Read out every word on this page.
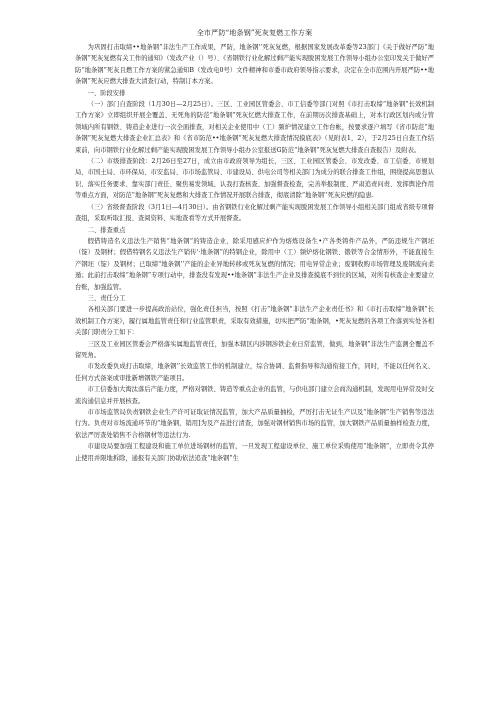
全市严防“地条钢”死灰复燃工作方案

为巩固打击取缔••地条钢”非法生产工作成果，严防，地条钢'’死灰复燃，根据国家发展改革委等23部门《关于做好严防“地条钢”死灰复燃有关工作的通知》（发改产业（）号）、《省钢铁行业化解过剩产能实现脱困发展工作领导小组办公室印发关于做好严防“地条钢”死灰且燃工作方案的紧急通知B（发改电0号）文件精神和市委市政府领导指示要求，决定在全市范围内开展严防••地条钢”死灰应燃大排查大清查行动，特制订本方案。

一、阶段安排

（一）部门自查阶段（1月30日—2月25日）。三区、工业园区管委会、市工信委等部门对照《市打击取缔“地条钢”长效机制工作方案》立即组织开展全覆盖、无死角的防范“地条钢”死灰忆燃大排查工作，在前期历次排查基础上，对本行政区划内或分管领域内所有钢铁、铸造企业进行一次全面排查，对相关企业使用中（工）频炉情况建立工作台帐，按要求逐户填写《省市防范“地条钢”死灰复燃大排查企业汇总表》和《省市防范••地条钢”死灰复燃大排查情况摸底表》（见附表1，2），于2月25日自查工作结束前，向市钢铁行业化解过剩产能实现脱困发展工作领导小组办公室报送G防范“地条钢”死灰复燃大排查自查报告）及附表。

（二）市级排查阶段：2月26日至27日，成立由市政府领导为组长，三区、工业园区管委会、市发改委、市工信委、市规划局、市国土局、市环保局、市安监局、市市场监管局、市建设局、供电公司等相关部门为成分的联合排查工作组，围绕提高思想认识、落实任务要求、靠实部门责任、聚焦易发领域、认我打查核查、加强督查检查，完善举报制度、严肃追责问责、发挥舆论作用等重点方面，对防范“地条钢”死灰复燃和大排查工作情况开展联合排查，彻底清除“地条钢'’死灰应燃的隐患.

（三）省级督查阶段（3月1日—4月30日）。由省钢铁行业化解过剩产能实现脱困发展工作领导小组相关部门组成省级专项督查组，采取听取汇报、查阅资料、实地查看等方式开展督查。

二、排查重点

假借铸造名义违法生产销售“地条钢”的铸造企业，除采用感应炉作为熔炼设备生•产各类铸件产品外，严防违规生产钢坯（锭）及钢材；假借特钢名义违法生产销传'·地条钢”的特钢企业，除用中（工）频炉熔化钢铁、锻铁等合金情形外，不能直接生产钢坯（锭）及钢材；已取缔"地条钢'’产能的企业异地转移或死灰复燃的情况；用电异常企业；废钢收购市场管理及废钢流向柔遁；此前打击取缔“地条钢”专项行动中，排查没有发现••地条钢”非法生产企业及排查摸底不到位的区域，对所有核查企业要建立台账，加强监管。

三、责任分工

各相关部门要进一步提高政治站位，强化责任担当，按照《打击“地条钢”非法生产企业责任书》和《市打击取缔“地条钢”长效机制工作方案》，履行属地监管责任和行业监管职责，采取有效措施，切实把严防“地条钢，•死灰复燃的各项工作落到实处各相关部门职责分工如下：

三区及工业园区管委会严格落实属地监管责任，加强本辖区内涉钢涉铁企业日常监管，做到，地条钢”非法生产监测全覆盖不留死角。

市发改委负成打击取缔，地条钢'’长效监管工作的机制建立，综合协调、监督指导和沟通衔接工作，同时，不能以任何名义、任何方式备案或审批新增钢铁产能项目。

市工信委加大淘汰落后产能力度，严格对钢铁、铸造等重点企业的监管，与供电部门建立会商沟通机制，发现用电异常及时交流沟通信息并开展核查。

市市场监管局负责钢铁企业生产许可证取证情况监管，加大产品质量抽检，严厉打击无证生产以及“地条钢”生产销售等违法行为。负责对市场流通环节的“地条钢，销用]为及产品进行清查，加强对钢材销售市场的监管，加大钢铁产品质量抽样检查力度，依法严厉查处销售不合格钢材等违法行为.

市建设局要加强工程建设和施工单位进场钢材的监管，一旦发现工程建设单位、施工单位采购使用“地条钢”，立即责令其停止使用并限地拆除，通报有关部门协助依法追查“地条钢”生
